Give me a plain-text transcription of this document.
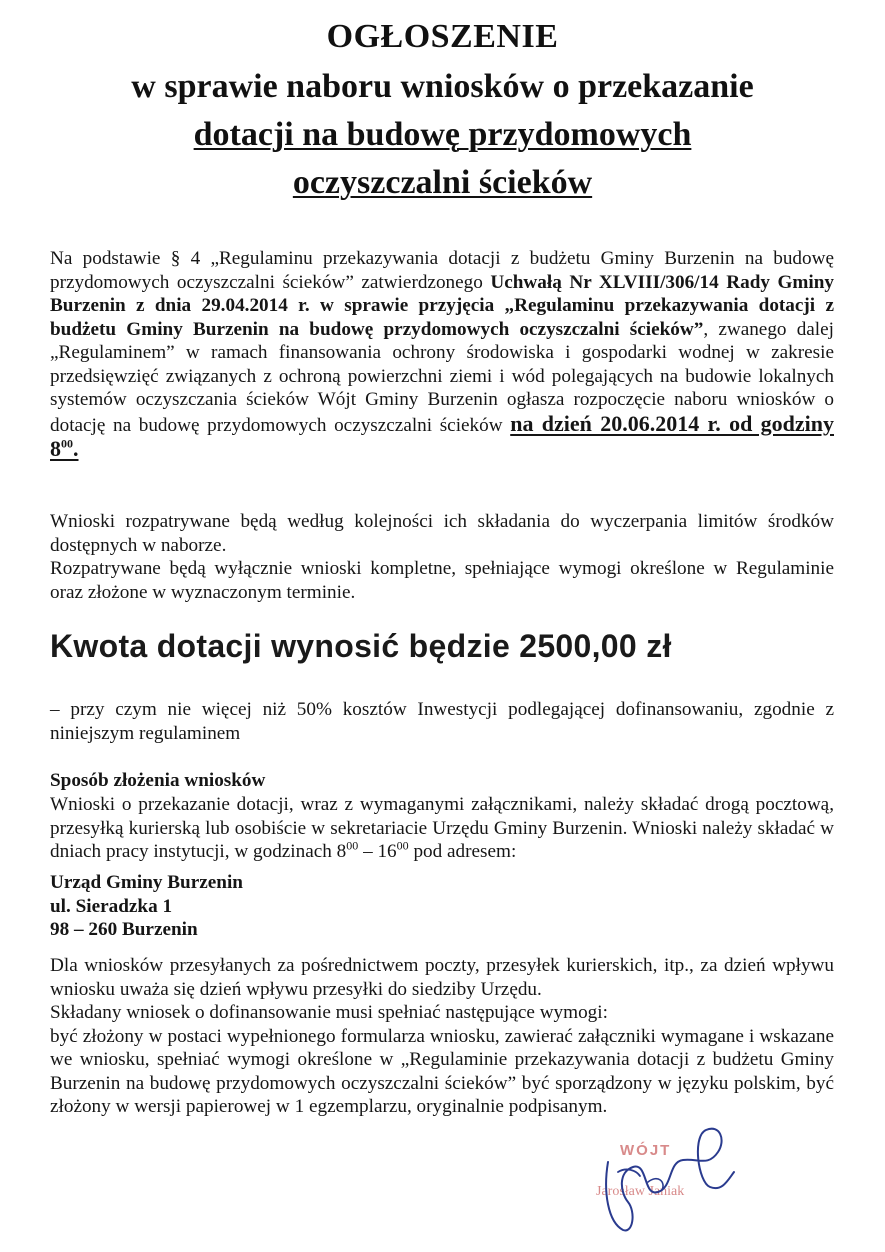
OGŁOSZENIE
w sprawie naboru wniosków o przekazanie
dotacji na budowę przydomowych
oczyszczalni ścieków

Na podstawie § 4 „Regulaminu przekazywania dotacji z budżetu Gminy Burzenin na budowę przydomowych oczyszczalni ścieków” zatwierdzonego Uchwałą Nr XLVIII/306/14 Rady Gminy Burzenin z dnia 29.04.2014 r. w sprawie przyjęcia „Regulaminu przekazywania dotacji z budżetu Gminy Burzenin na budowę przydomowych oczyszczalni ścieków”, zwanego dalej „Regulaminem” w ramach finansowania ochrony środowiska i gospodarki wodnej w zakresie przedsięwzięć związanych z ochroną powierzchni ziemi i wód polegających na budowie lokalnych systemów oczyszczania ścieków Wójt Gminy Burzenin ogłasza rozpoczęcie naboru wniosków o dotację na budowę przydomowych oczyszczalni ścieków na dzień 20.06.2014 r. od godziny $8^{00}$.

Wnioski rozpatrywane będą według kolejności ich składania do wyczerpania limitów środków dostępnych w naborze.
Rozpatrywane będą wyłącznie wnioski kompletne, spełniające wymogi określone w Regulaminie oraz złożone w wyznaczonym terminie.

Kwota dotacji wynosić będzie 2500,00 zł

– przy czym nie więcej niż 50% kosztów Inwestycji podlegającej dofinansowaniu, zgodnie z niniejszym regulaminem

Sposób złożenia wniosków

Wnioski o przekazanie dotacji, wraz z wymaganymi załącznikami, należy składać drogą pocztową, przesyłką kurierską lub osobiście w sekretariacie Urzędu Gminy Burzenin. Wnioski należy składać w dniach pracy instytucji, w godzinach $8^{00} - 16^{00}$ pod adresem:

Urząd Gminy Burzenin

ul. Sieradzka 1

98 – 260 Burzenin

Dla wniosków przesyłanych za pośrednictwem poczty, przesyłek kurierskich, itp., za dzień wpływu wniosku uważa się dzień wpływu przesyłki do siedziby Urzędu.
Składany wniosek o dofinansowanie musi spełniać następujące wymogi:
być złożony w postaci wypełnionego formularza wniosku, zawierać załączniki wymagane i wskazane we wniosku, spełniać wymogi określone w „Regulaminie przekazywania dotacji z budżetu Gminy Burzenin na budowę przydomowych oczyszczalni ścieków” być sporządzony w języku polskim, być złożony w wersji papierowej w 1 egzemplarzu, oryginalnie podpisanym.

WÓJT
Jarosław Janiak
